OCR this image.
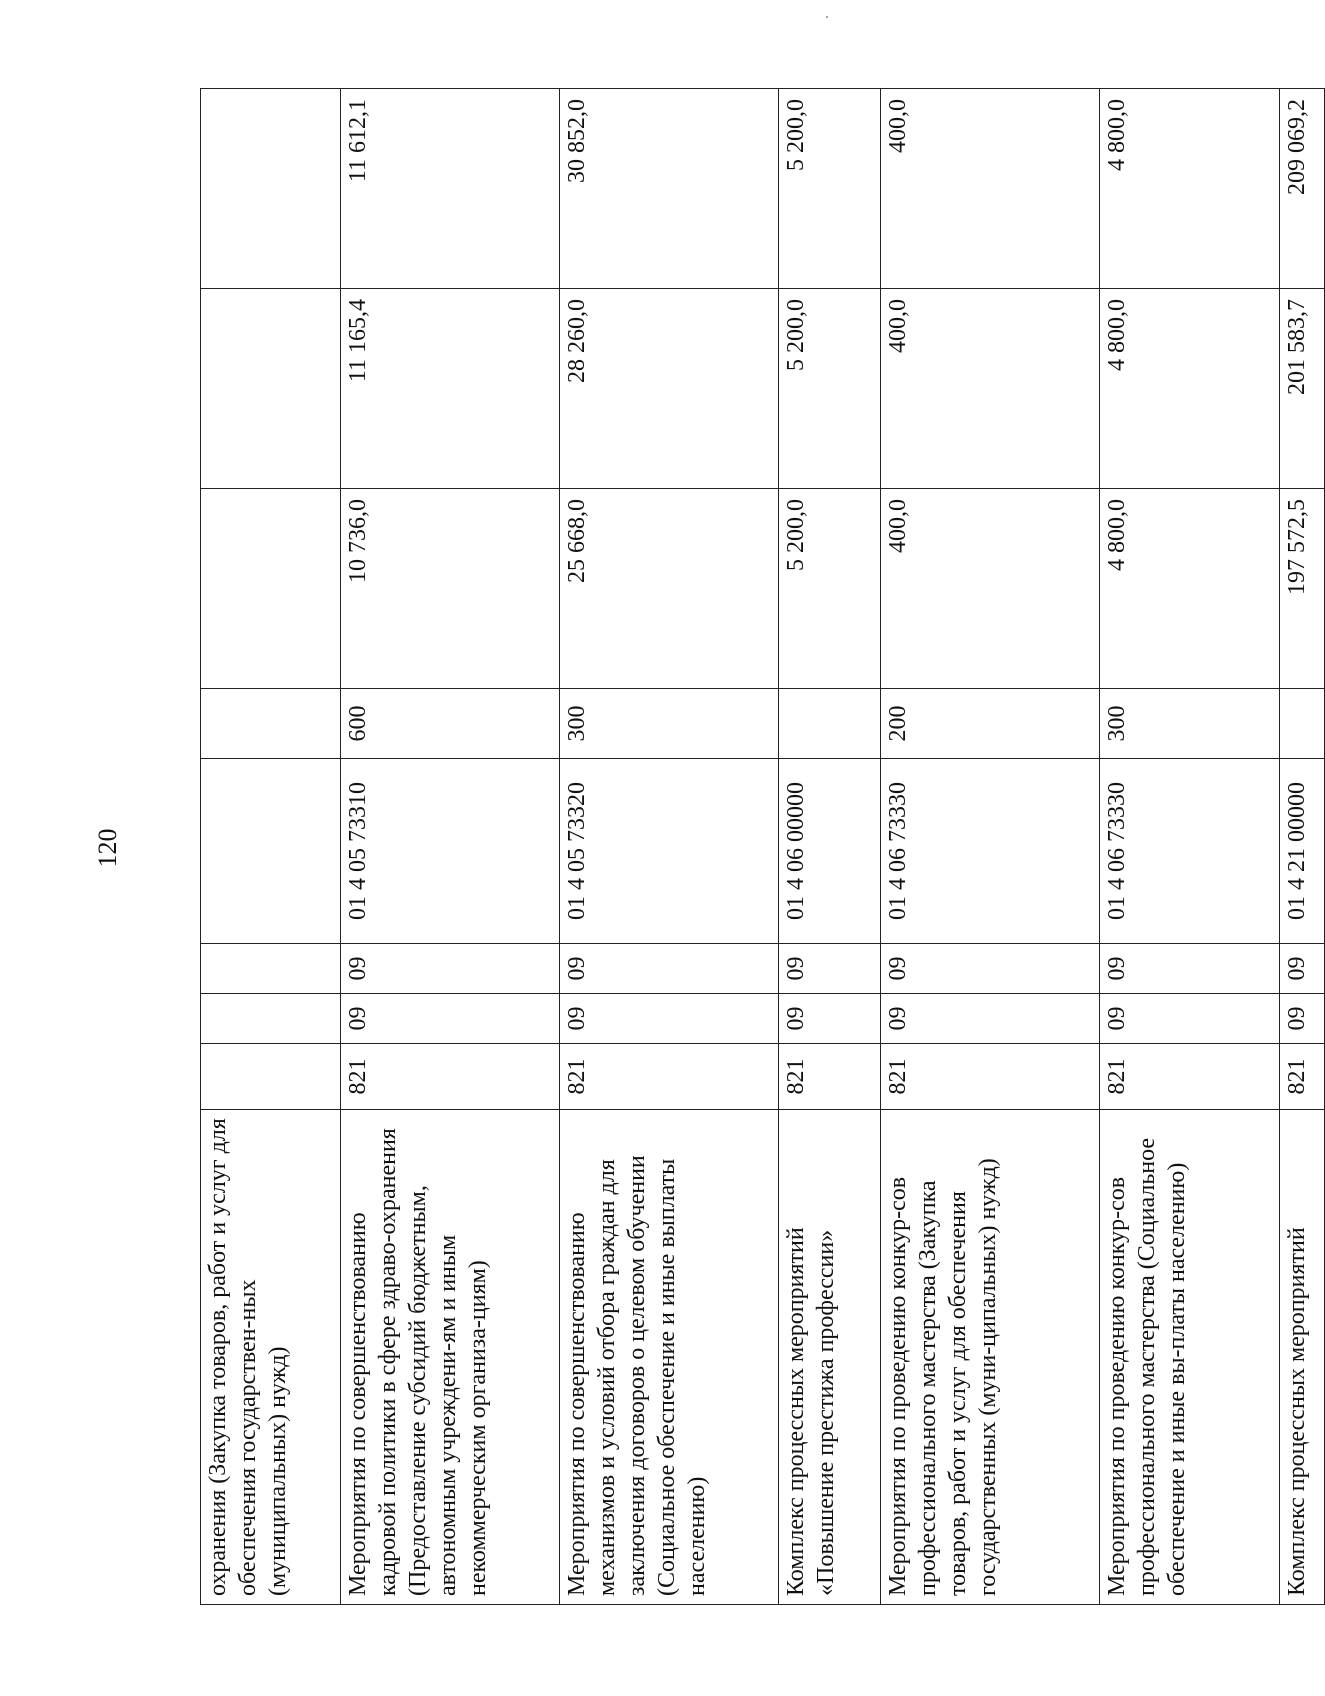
120
охранения (Закупка товаров, работ и услуг для обеспечения государствен-ных (муниципальных) нужд)								
Мероприятия по совершенствованию кадровой политики в сфере здраво-охранения (Предоставление субсидий бюджетным, автономным учреждени-ям и иным некоммерческим организа-циям)	821	09	09	01 4 05 73310	600	10 736,0	11 165,4	11 612,1
Мероприятия по совершенствованию механизмов и условий отбора граждан для заключения договоров о целевом обучении (Социальное обеспечение и иные выплаты населению)	821	09	09	01 4 05 73320	300	25 668,0	28 260,0	30 852,0
Комплекс процессных мероприятий «Повышение престижа профессии»	821	09	09	01 4 06 00000		5 200,0	5 200,0	5 200,0
Мероприятия по проведению конкур-сов профессионального мастерства (Закупка товаров, работ и услуг для обеспечения государственных (муни-ципальных) нужд)	821	09	09	01 4 06 73330	200	400,0	400,0	400,0
Мероприятия по проведению конкур-сов профессионального мастерства (Социальное обеспечение и иные вы-платы населению)	821	09	09	01 4 06 73330	300	4 800,0	4 800,0	4 800,0
Комплекс процессных мероприятий	821	09	09	01 4 21 00000		197 572,5	201 583,7	209 069,2
